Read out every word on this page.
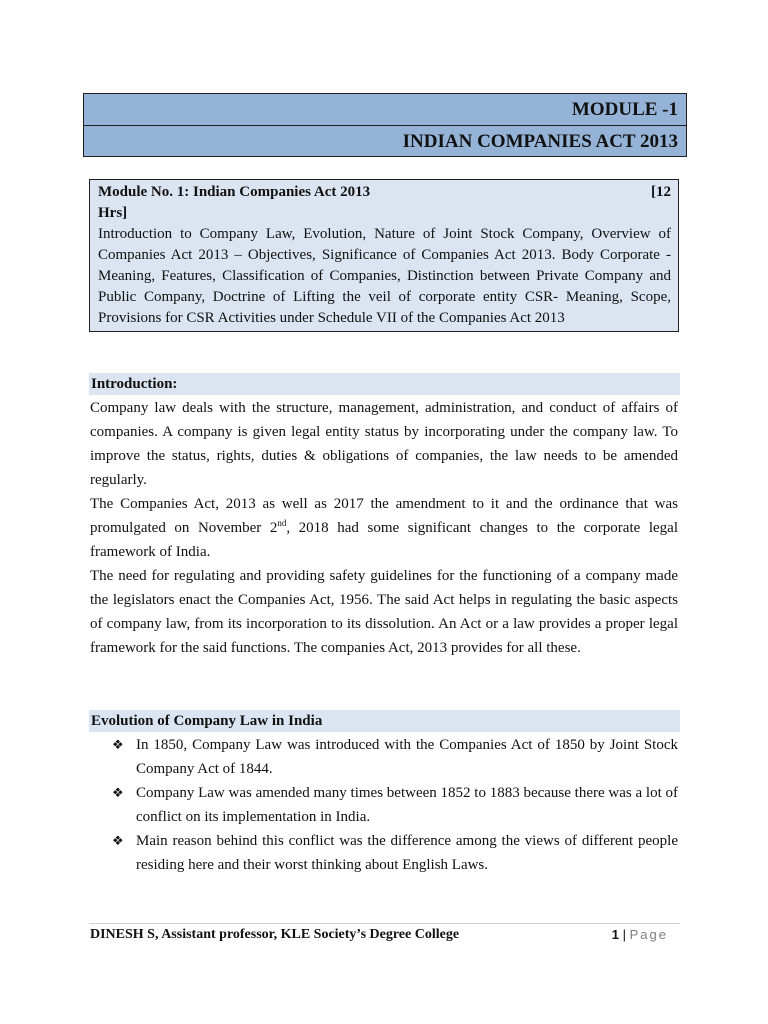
MODULE -1
INDIAN COMPANIES ACT 2013
Module No. 1: Indian Companies Act 2013	[12
Hrs]
Introduction to Company Law, Evolution, Nature of Joint Stock Company, Overview of Companies Act 2013 – Objectives, Significance of Companies Act 2013. Body Corporate -Meaning, Features, Classification of Companies, Distinction between Private Company and Public Company, Doctrine of Lifting the veil of corporate entity CSR- Meaning, Scope, Provisions for CSR Activities under Schedule VII of the Companies Act 2013
Introduction:

Company law deals with the structure, management, administration, and conduct of affairs of companies. A company is given legal entity status by incorporating under the company law. To improve the status, rights, duties & obligations of companies, the law needs to be amended regularly.

The Companies Act, 2013 as well as 2017 the amendment to it and the ordinance that was promulgated on November 2nd, 2018 had some significant changes to the corporate legal framework of India.

The need for regulating and providing safety guidelines for the functioning of a company made the legislators enact the Companies Act, 1956. The said Act helps in regulating the basic aspects of company law, from its incorporation to its dissolution. An Act or a law provides a proper legal framework for the said functions. The companies Act, 2013 provides for all these.

Evolution of Company Law in India
❖ In 1850, Company Law was introduced with the Companies Act of 1850 by Joint Stock Company Act of 1844.
❖ Company Law was amended many times between 1852 to 1883 because there was a lot of conflict on its implementation in India.
❖ Main reason behind this conflict was the difference among the views of different people residing here and their worst thinking about English Laws.
DINESH S, Assistant professor, KLE Society’s Degree College	1 | Page
